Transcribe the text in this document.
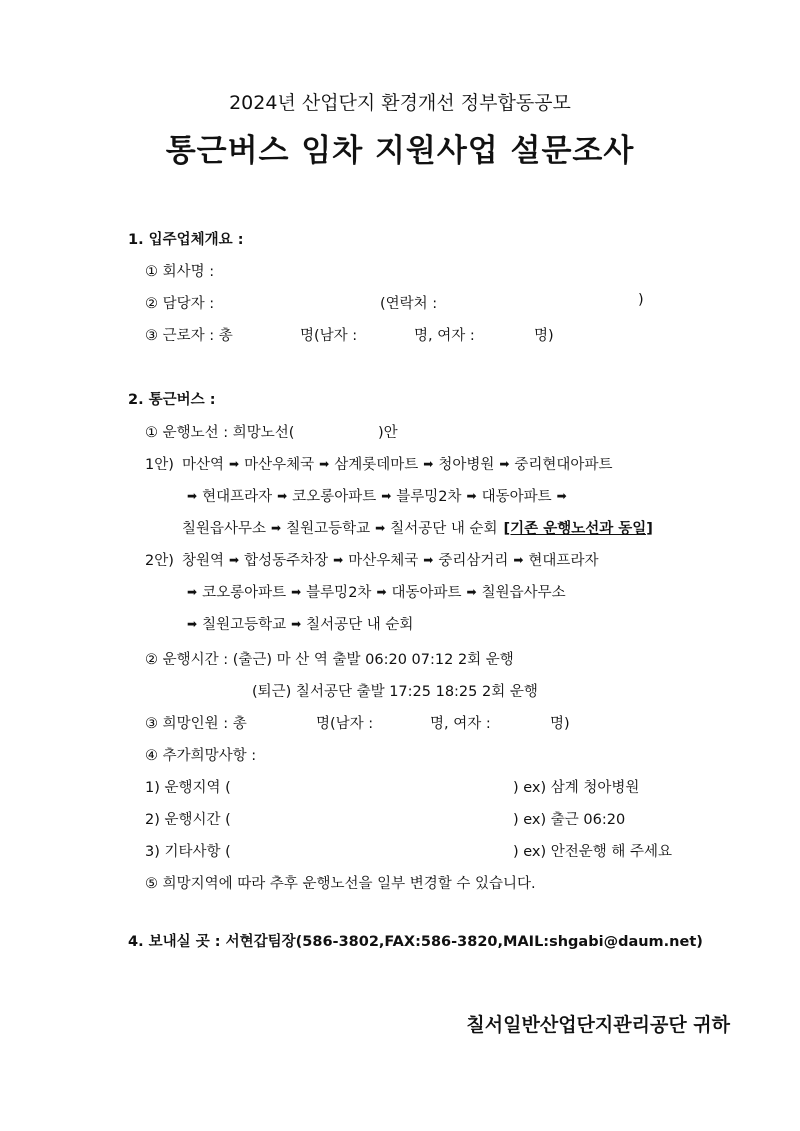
2024년 산업단지 환경개선 정부합동공모
통근버스 임차 지원사업 설문조사
1. 입주업체개요 :
① 회사명 :
② 담당자 :	(연락처 :	)
③ 근로자 : 총	명(남자 :	명, 여자 :	명)
2. 통근버스 :
① 운행노선 : 희망노선(	)안
1안) 마산역 ➡ 마산우체국 ➡ 삼계롯데마트 ➡ 청아병원 ➡ 중리현대아파트
➡ 현대프라자 ➡ 코오롱아파트 ➡ 블루밍2차 ➡ 대동아파트 ➡
칠원읍사무소 ➡ 칠원고등학교 ➡ 칠서공단 내 순회 [기존 운행노선과 동일]
2안) 창원역 ➡ 합성동주차장 ➡ 마산우체국 ➡ 중리삼거리 ➡ 현대프라자
➡ 코오롱아파트 ➡ 블루밍2차 ➡ 대동아파트 ➡ 칠원읍사무소
➡ 칠원고등학교 ➡ 칠서공단 내 순회
② 운행시간 : (출근) 마 산 역 출발 06:20 07:12 2회 운행
(퇴근) 칠서공단 출발 17:25 18:25 2회 운행
③ 희망인원 : 총	명(남자 :	명, 여자 :	명)
④ 추가희망사항 :
1) 운행지역 (	) ex) 삼계 청아병원
2) 운행시간 (	) ex) 출근 06:20
3) 기타사항 (	) ex) 안전운행 해 주세요
⑤ 희망지역에 따라 추후 운행노선을 일부 변경할 수 있습니다.
4. 보내실 곳 : 서현갑팀장(586-3802,FAX:586-3820,MAIL:shgabi@daum.net)
칠서일반산업단지관리공단 귀하
